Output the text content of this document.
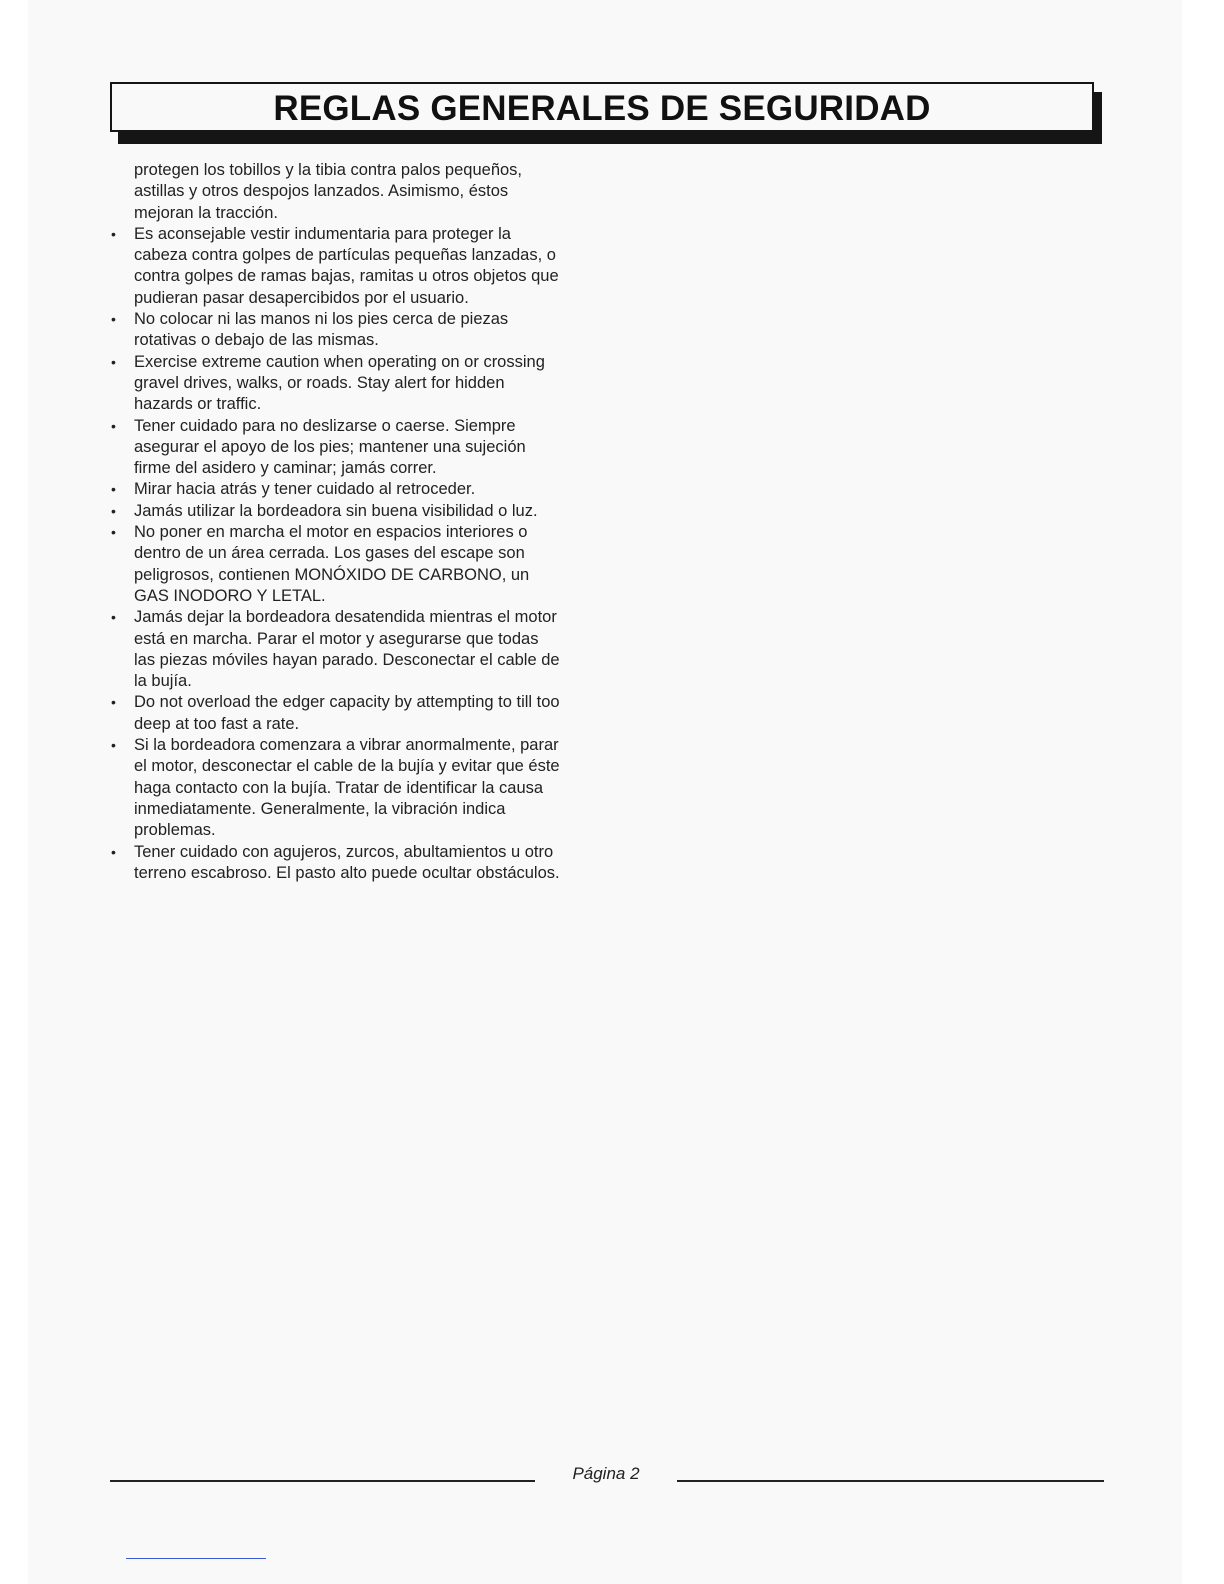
REGLAS GENERALES DE SEGURIDAD

protegen los tobillos y la tibia contra palos pequeños,
astillas y otros despojos lanzados. Asimismo, éstos
mejoran la tracción.

• Es aconsejable vestir indumentaria para proteger la
cabeza contra golpes de partículas pequeñas lanzadas, o
contra golpes de ramas bajas, ramitas u otros objetos que
pudieran pasar desapercibidos por el usuario.
• No colocar ni las manos ni los pies cerca de piezas
rotativas o debajo de las mismas.
• Exercise extreme caution when operating on or crossing
gravel drives, walks, or roads. Stay alert for hidden
hazards or traffic.
• Tener cuidado para no deslizarse o caerse. Siempre
asegurar el apoyo de los pies; mantener una sujeción
firme del asidero y caminar; jamás correr.
• Mirar hacia atrás y tener cuidado al retroceder.
• Jamás utilizar la bordeadora sin buena visibilidad o luz.
• No poner en marcha el motor en espacios interiores o
dentro de un área cerrada. Los gases del escape son
peligrosos, contienen MONÓXIDO DE CARBONO, un
GAS INODORO Y LETAL.
• Jamás dejar la bordeadora desatendida mientras el motor
está en marcha. Parar el motor y asegurarse que todas
las piezas móviles hayan parado. Desconectar el cable de
la bujía.
• Do not overload the edger capacity by attempting to till too
deep at too fast a rate.
• Si la bordeadora comenzara a vibrar anormalmente, parar
el motor, desconectar el cable de la bujía y evitar que éste
haga contacto con la bujía. Tratar de identificar la causa
inmediatamente. Generalmente, la vibración indica
problemas.
• Tener cuidado con agujeros, zurcos, abultamientos u otro
terreno escabroso. El pasto alto puede ocultar obstáculos.
Página 2
